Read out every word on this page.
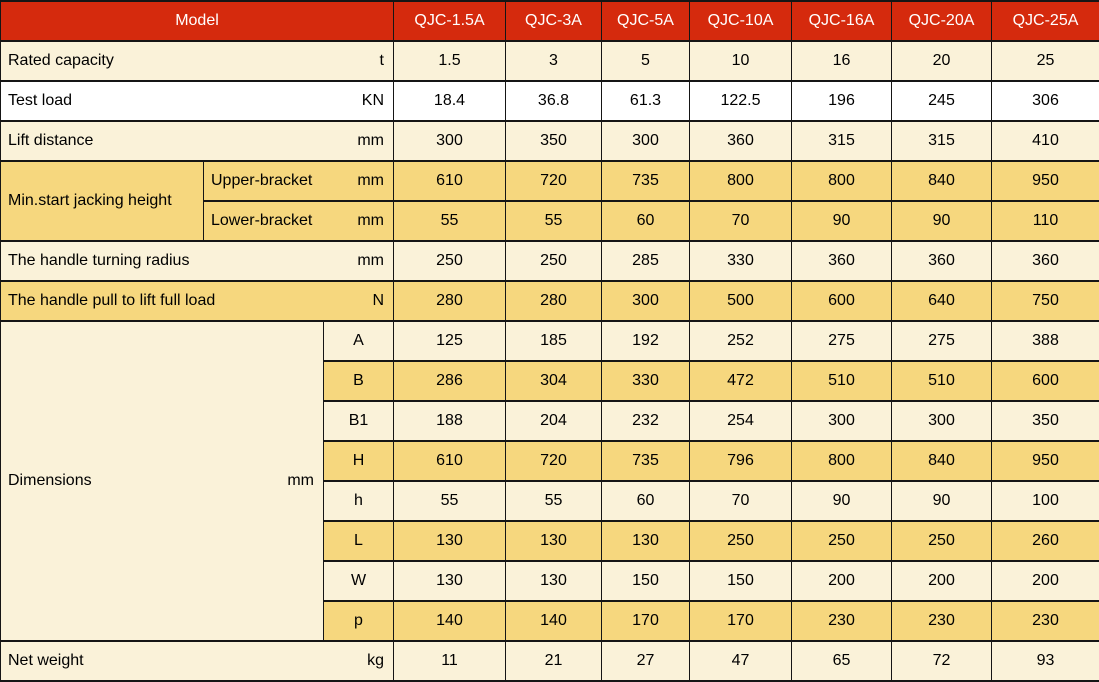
Model			QJC-1.5A	QJC-3A	QJC-5A	QJC-10A	QJC-16A	QJC-20A	QJC-25A

Rated capacity t			1.5	3	5	10	16	20	25

Test load KN			18.4	36.8	61.3	122.5	196	245	306

Lift distance mm			300	350	300	360	315	315	410
Min.start jacking height	Upper-bracket mm		610	720	735	800	800	840	950

	Lower-bracket mm		55	55	60	70	90	90	110

The handle turning radius mm			250	250	285	330	360	360	360

The handle pull to lift full load N			280	280	300	500	600	640	750

Dimensions mm		A	125	185	192	252	275	275	388
		B	286	304	330	472	510	510	600
		B1	188	204	232	254	300	300	350
		H	610	720	735	796	800	840	950
		h	55	55	60	70	90	90	100
		L	130	130	130	250	250	250	260
		W	130	130	150	150	200	200	200
		p	140	140	170	170	230	230	230

Net weight kg			11	21	27	47	65	72	93
